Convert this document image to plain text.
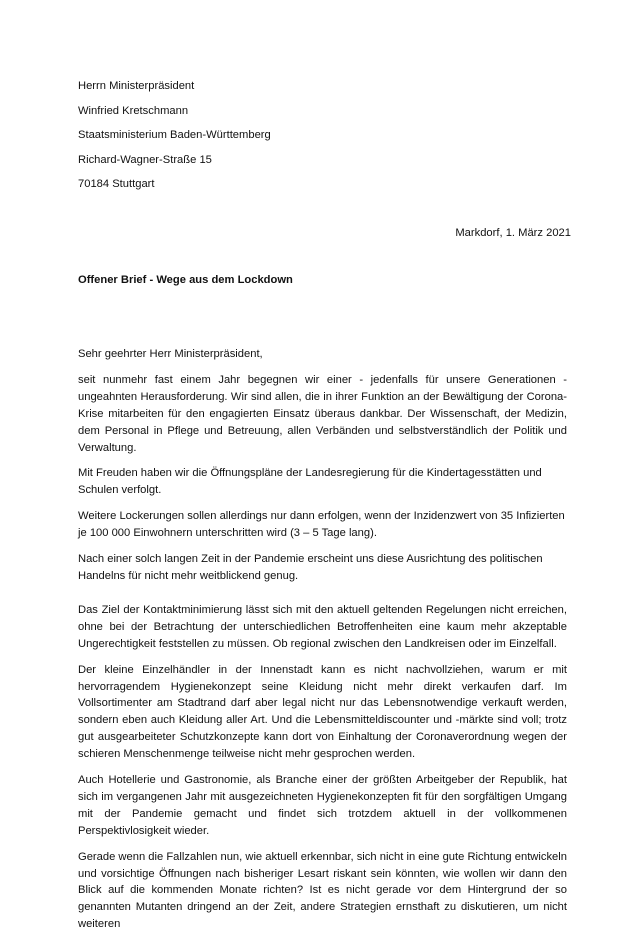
Herrn Ministerpräsident
Winfried Kretschmann
Staatsministerium Baden-Württemberg
Richard-Wagner-Straße 15
70184 Stuttgart
Markdorf, 1. März 2021
Offener Brief - Wege aus dem Lockdown

Sehr geehrter Herr Ministerpräsident,

seit nunmehr fast einem Jahr begegnen wir einer - jedenfalls für unsere Generationen - ungeahnten Herausforderung. Wir sind allen, die in ihrer Funktion an der Bewältigung der Corona-Krise mitarbeiten für den engagierten Einsatz überaus dankbar. Der Wissenschaft, der Medizin, dem Personal in Pflege und Betreuung, allen Verbänden und selbstverständlich der Politik und Verwaltung.

Mit Freuden haben wir die Öffnungspläne der Landesregierung für die Kindertagesstätten und Schulen verfolgt.

Weitere Lockerungen sollen allerdings nur dann erfolgen, wenn der Inzidenzwert von 35 Infizierten je 100 000 Einwohnern unterschritten wird (3 – 5 Tage lang).

Nach einer solch langen Zeit in der Pandemie erscheint uns diese Ausrichtung des politischen Handelns für nicht mehr weitblickend genug.

Das Ziel der Kontaktminimierung lässt sich mit den aktuell geltenden Regelungen nicht erreichen, ohne bei der Betrachtung der unterschiedlichen Betroffenheiten eine kaum mehr akzeptable Ungerechtigkeit feststellen zu müssen. Ob regional zwischen den Landkreisen oder im Einzelfall.

Der kleine Einzelhändler in der Innenstadt kann es nicht nachvollziehen, warum er mit hervorragendem Hygienekonzept seine Kleidung nicht mehr direkt verkaufen darf. Im Vollsortimenter am Stadtrand darf aber legal nicht nur das Lebensnotwendige verkauft werden, sondern eben auch Kleidung aller Art. Und die Lebensmitteldiscounter und -märkte sind voll; trotz gut ausgearbeiteter Schutzkonzepte kann dort von Einhaltung der Coronaverordnung wegen der schieren Menschenmenge teilweise nicht mehr gesprochen werden.

Auch Hotellerie und Gastronomie, als Branche einer der größten Arbeitgeber der Republik, hat sich im vergangenen Jahr mit ausgezeichneten Hygienekonzepten fit für den sorgfältigen Umgang mit der Pandemie gemacht und findet sich trotzdem aktuell in der vollkommenen Perspektivlosigkeit wieder.

Gerade wenn die Fallzahlen nun, wie aktuell erkennbar, sich nicht in eine gute Richtung entwickeln und vorsichtige Öffnungen nach bisheriger Lesart riskant sein könnten, wie wollen wir dann den Blick auf die kommenden Monate richten? Ist es nicht gerade vor dem Hintergrund der so genannten Mutanten dringend an der Zeit, andere Strategien ernsthaft zu diskutieren, um nicht weiteren
